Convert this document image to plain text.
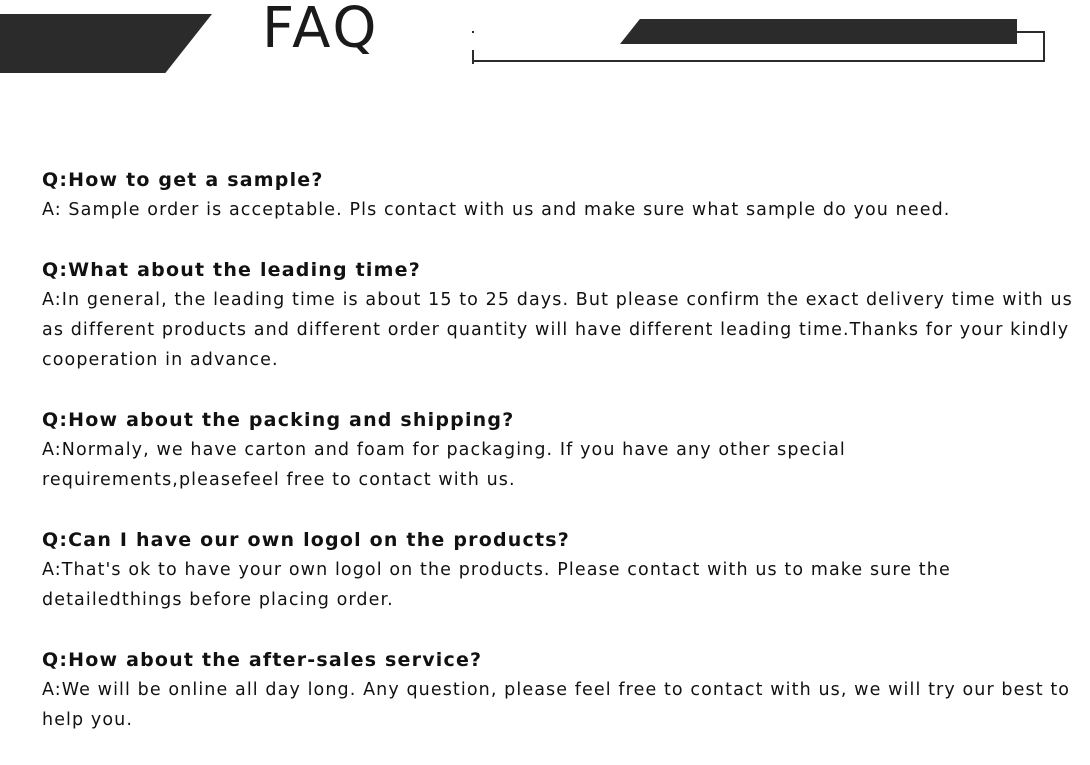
FAQ

Q:How to get a sample?

A: Sample order is acceptable. Pls contact with us and make sure what sample do you need.

Q:What about the leading time?

A:In general, the leading time is about 15 to 25 days. But please confirm the exact delivery time with us as different products and different order quantity will have different leading time.Thanks for your kindly cooperation in advance.

Q:How about the packing and shipping?

A:Normaly, we have carton and foam for packaging. If you have any other special requirements,pleasefeel free to contact with us.

Q:Can I have our own logol on the products?

A:That's ok to have your own logol on the products. Please contact with us to make sure the detailedthings before placing order.

Q:How about the after-sales service?

A:We will be online all day long. Any question, please feel free to contact with us, we will try our best to help you.
